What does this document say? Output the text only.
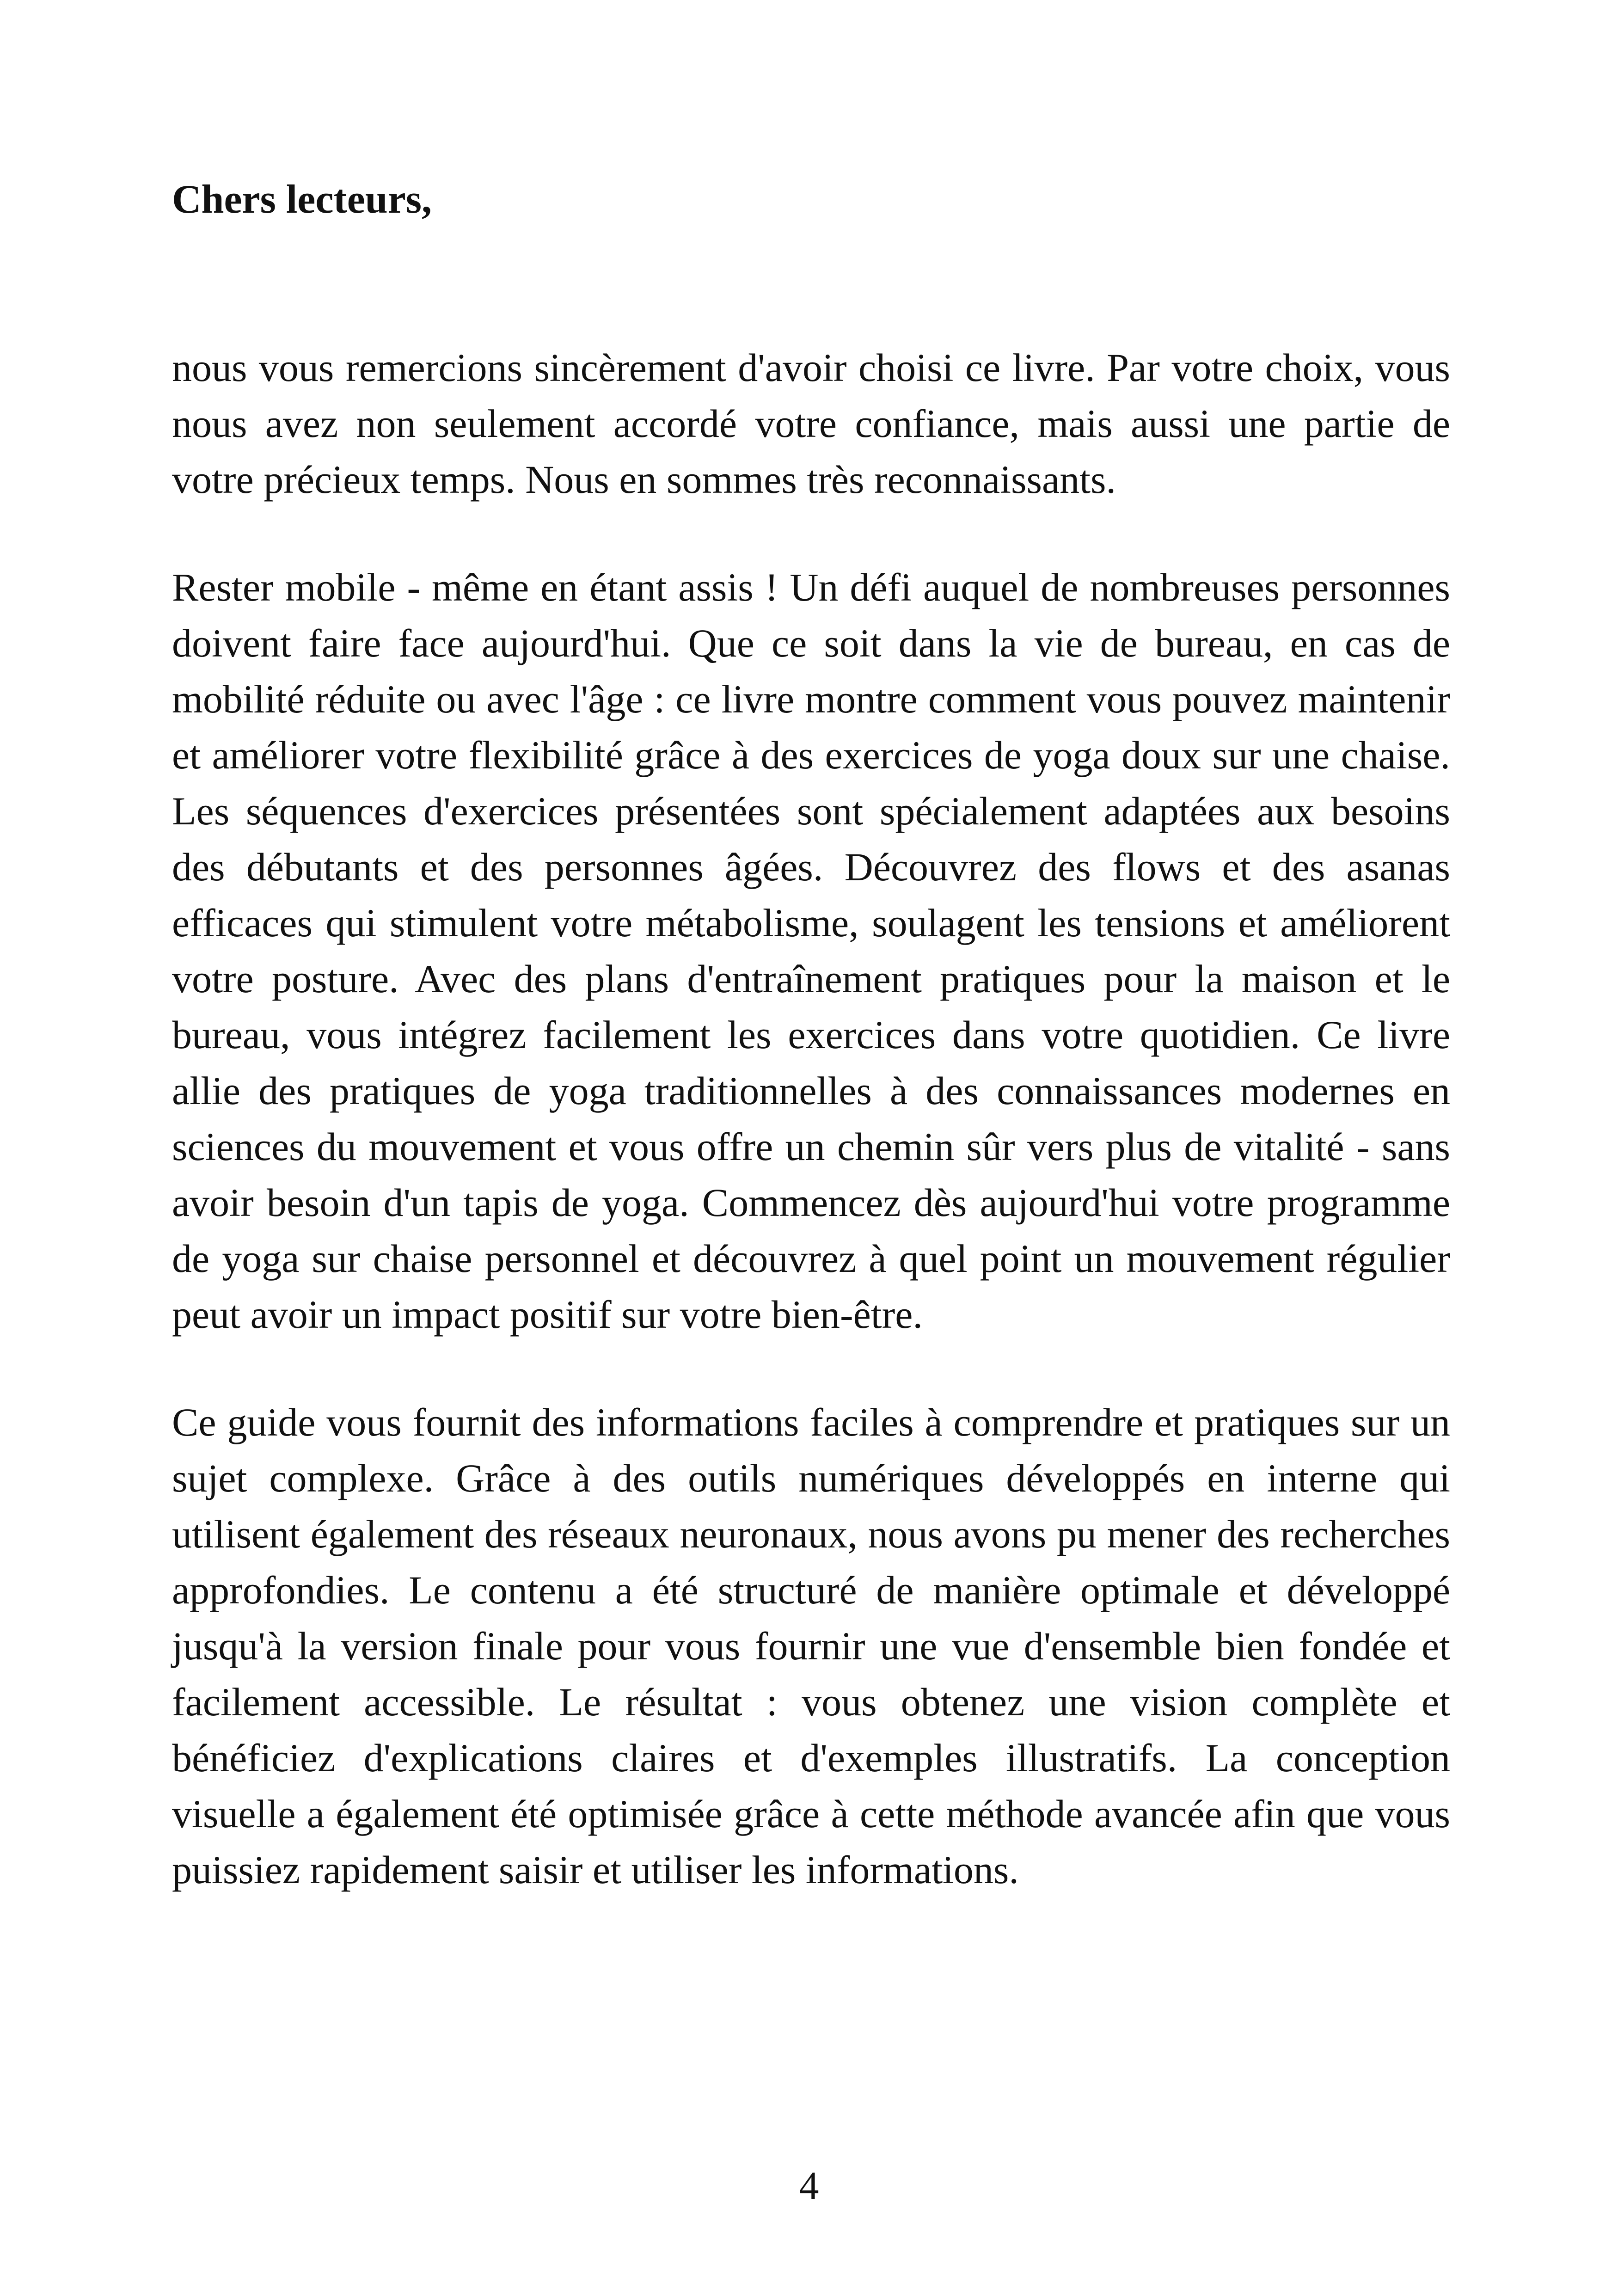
Chers lecteurs,

nous vous remercions sincèrement d'avoir choisi ce livre. Par votre choix, vous nous avez non seulement accordé votre confiance, mais aussi une partie de votre précieux temps. Nous en sommes très reconnaissants.

Rester mobile - même en étant assis ! Un défi auquel de nombreuses personnes doivent faire face aujourd'hui. Que ce soit dans la vie de bureau, en cas de mobilité réduite ou avec l'âge : ce livre montre comment vous pouvez maintenir et améliorer votre flexibilité grâce à des exercices de yoga doux sur une chaise. Les séquences d'exercices présentées sont spécialement adaptées aux besoins des débutants et des personnes âgées. Découvrez des flows et des asanas efficaces qui stimulent votre métabolisme, soulagent les tensions et améliorent votre posture. Avec des plans d'entraînement pratiques pour la maison et le bureau, vous intégrez facilement les exercices dans votre quotidien. Ce livre allie des pratiques de yoga traditionnelles à des connaissances modernes en sciences du mouvement et vous offre un chemin sûr vers plus de vitalité - sans avoir besoin d'un tapis de yoga. Commencez dès aujourd'hui votre programme de yoga sur chaise personnel et découvrez à quel point un mouvement régulier peut avoir un impact positif sur votre bien-être.

Ce guide vous fournit des informations faciles à comprendre et pratiques sur un sujet complexe. Grâce à des outils numériques développés en interne qui utilisent également des réseaux neuronaux, nous avons pu mener des recherches approfondies. Le contenu a été structuré de manière optimale et développé jusqu'à la version finale pour vous fournir une vue d'ensemble bien fondée et facilement accessible. Le résultat : vous obtenez une vision complète et bénéficiez d'explications claires et d'exemples illustratifs. La conception visuelle a également été optimisée grâce à cette méthode avancée afin que vous puissiez rapidement saisir et utiliser les informations.

4
